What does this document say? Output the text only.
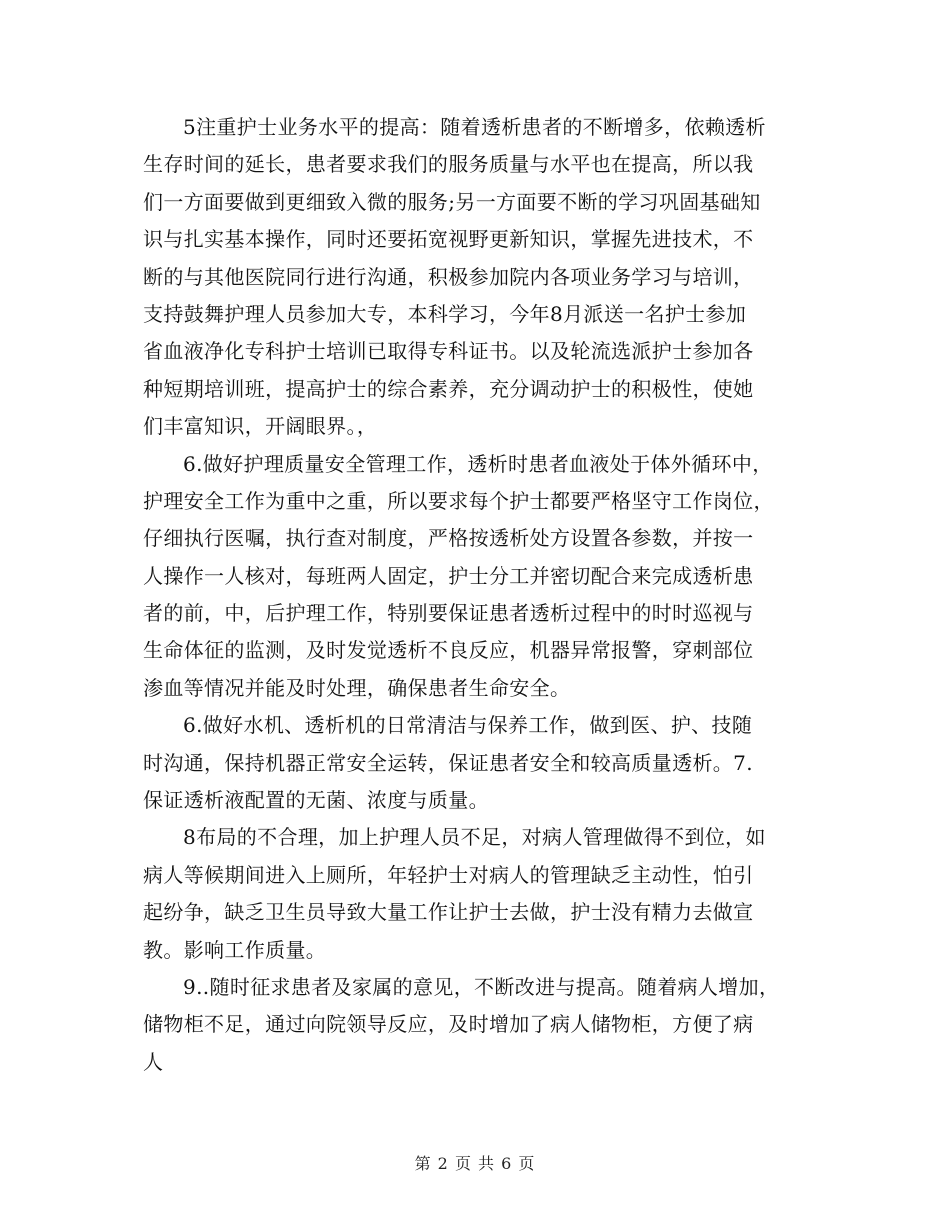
5注重护士业务水平的提高：随着透析患者的不断增多，依赖透析
生存时间的延长，患者要求我们的服务质量与水平也在提高，所以我
们一方面要做到更细致入微的服务;另一方面要不断的学习巩固基础知
识与扎实基本操作，同时还要拓宽视野更新知识，掌握先进技术，不
断的与其他医院同行进行沟通，积极参加院内各项业务学习与培训，
支持鼓舞护理人员参加大专，本科学习，今年8月派送一名护士参加
省血液净化专科护士培训已取得专科证书。以及轮流选派护士参加各
种短期培训班，提高护士的综合素养，充分调动护士的积极性，使她
们丰富知识，开阔眼界。，
6.做好护理质量安全管理工作，透析时患者血液处于体外循环中，
护理安全工作为重中之重，所以要求每个护士都要严格坚守工作岗位，
仔细执行医嘱，执行查对制度，严格按透析处方设置各参数，并按一
人操作一人核对，每班两人固定，护士分工并密切配合来完成透析患
者的前，中，后护理工作，特别要保证患者透析过程中的时时巡视与
生命体征的监测，及时发觉透析不良反应，机器异常报警，穿刺部位
渗血等情况并能及时处理，确保患者生命安全。
6.做好水机、透析机的日常清洁与保养工作，做到医、护、技随
时沟通，保持机器正常安全运转，保证患者安全和较高质量透析。7.
保证透析液配置的无菌、浓度与质量。
8布局的不合理，加上护理人员不足，对病人管理做得不到位，如
病人等候期间进入上厕所，年轻护士对病人的管理缺乏主动性，怕引
起纷争，缺乏卫生员导致大量工作让护士去做，护士没有精力去做宣
教。影响工作质量。
9..随时征求患者及家属的意见，不断改进与提高。随着病人增加，
储物柜不足，通过向院领导反应，及时增加了病人储物柜，方便了病
人
第 2 页 共 6 页
